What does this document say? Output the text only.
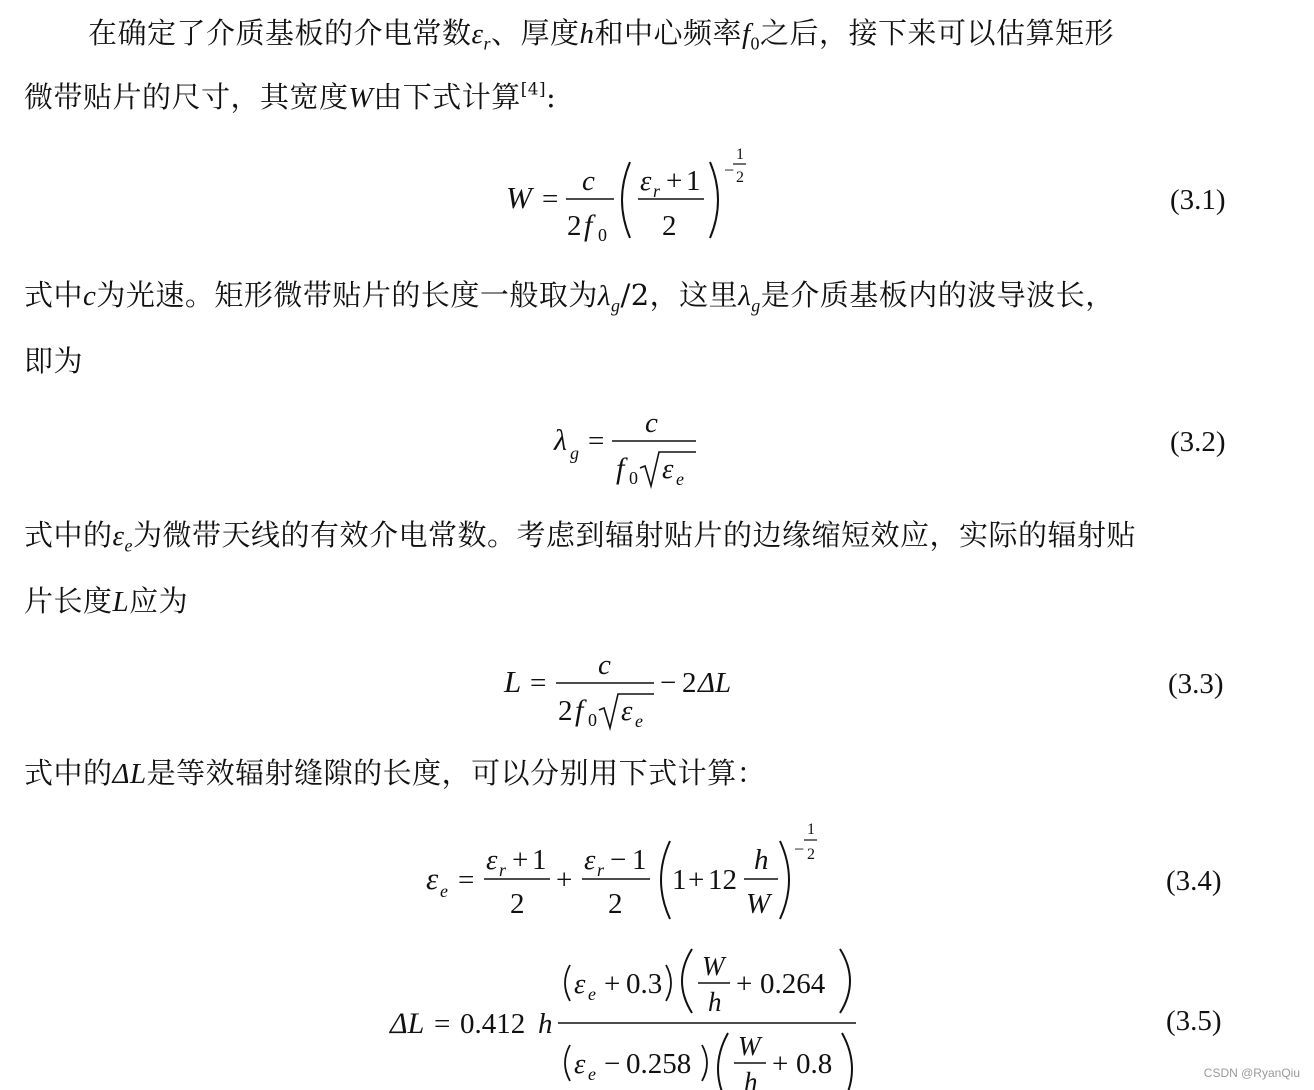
在确定了介质基板的介电常数$\varepsilon_r$、厚度h和中心频率$f_0$之后，接下来可以估算矩形
微带贴片的尺寸，其宽度W由下式计算[4]:
W =
c
2 f 0
ε r + 1
2
−
1
2
(3.1)
式中c为光速。矩形微带贴片的长度一般取为$\lambda_g/2$，这里$\lambda_g$是介质基板内的波导波长，
即为
λ g =
c
f 0 ε e
(3.2)
式中的$\varepsilon_e$为微带天线的有效介电常数。考虑到辐射贴片的边缘缩短效应，实际的辐射贴
片长度L应为
L =
c
2 f 0 ε e
− 2 ΔL	(3.3)
式中的ΔL是等效辐射缝隙的长度，可以分别用下式计算：
ε e =
ε r + 1
2
+
ε r − 1
2
1 + 12
h
W
−
1
2
(3.4)
ΔL = 0.412 h
ε e + 0.3
W
h
+ 0.264
ε e − 0.258
W
h
+ 0.8
(3.5)
CSDN @RyanQiu
